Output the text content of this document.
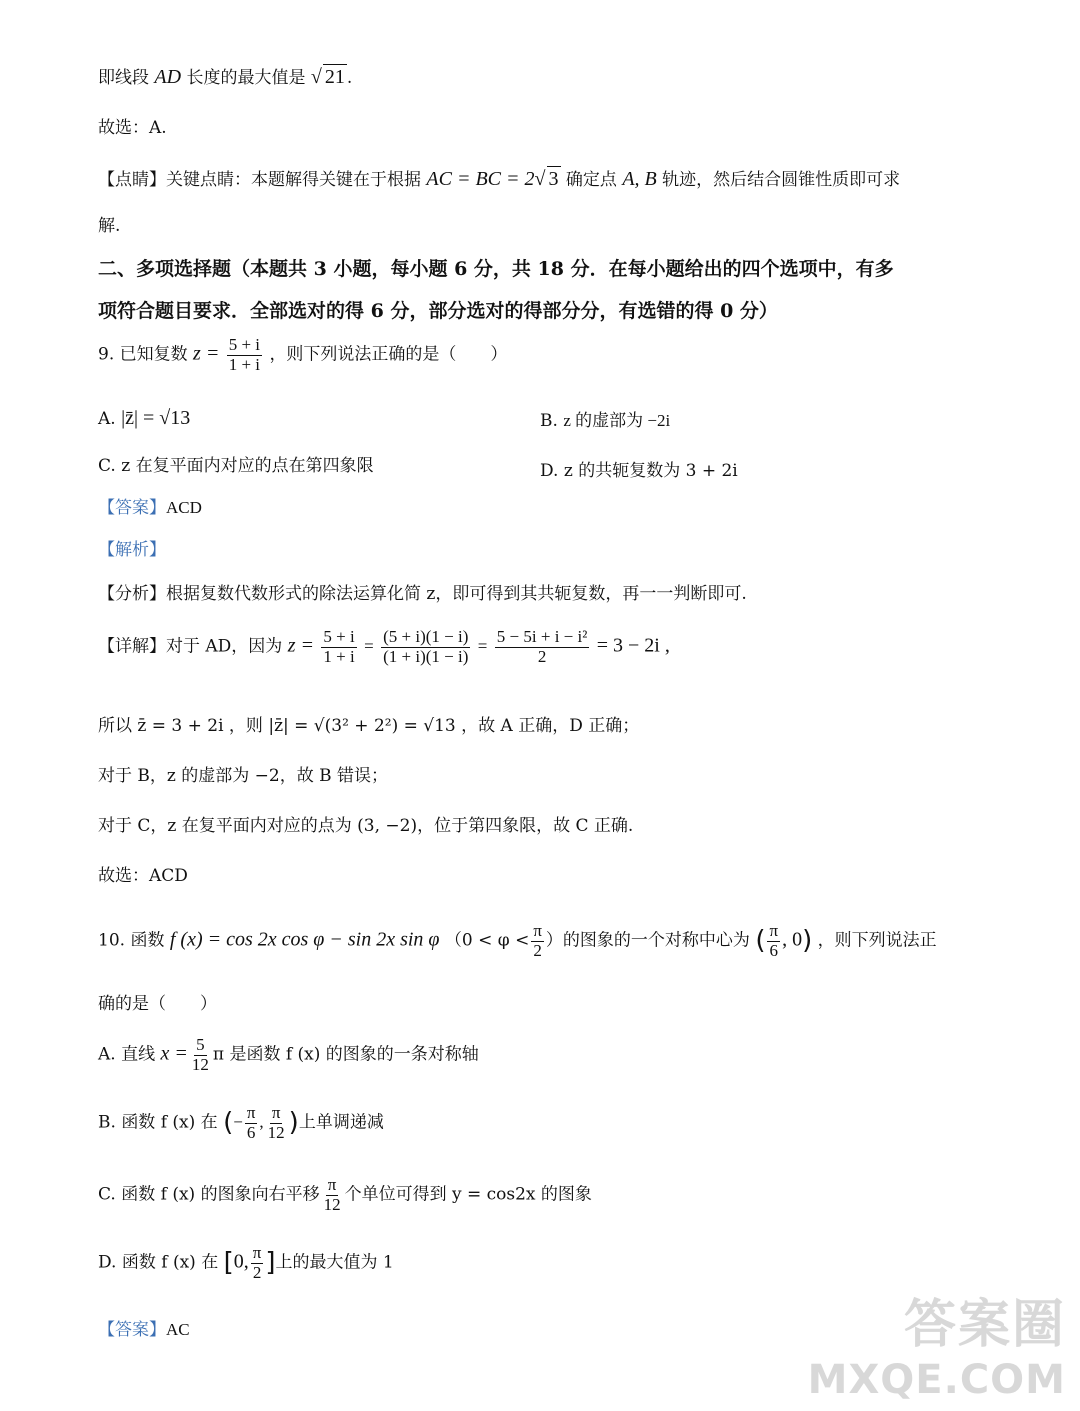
即线段 AD 长度的最大值是 √ 21 .
故选：A.
【点睛】关键点睛：本题解得关键在于根据 AC = BC = 2√ 3 确定点 A, B 轨迹，然后结合圆锥性质即可求
解.
二、多项选择题（本题共 3 小题，每小题 6 分，共 18 分．在每小题给出的四个选项中，有多
项符合题目要求．全部选对的得 6 分，部分选对的得部分分，有选错的得 0 分）
9. 已知复数 $z = \frac{5 + i}{1 + i}$ ，则下列说法正确的是（　　）
A. |z̄| = √13	B. z 的虚部为 −2i
C. z 在复平面内对应的点在第四象限	D. z 的共轭复数为 3 + 2i
【答案】ACD
【解析】
【分析】根据复数代数形式的除法运算化简 z，即可得到其共轭复数，再一一判断即可.
【详解】对于 AD，因为 $z = \frac{5 + i}{1 + i} = \frac{(5 + i)(1 - i)}{(1 + i)(1 - i)} = \frac{\text{5 − 5i + i − i²}}{2} = 3 - 2i$ ,
所以 z̄ = 3 + 2i ，则 |z̄| = √(3² + 2²) = √13 ，故 A 正确，D 正确；
对于 B，z 的虚部为 −2，故 B 错误；
对于 C，z 在复平面内对应的点为 (3, −2)，位于第四象限，故 C 正确.
故选：ACD
10. 函数 f (x) = cos 2x cos φ − sin 2x sin φ （$0 < \varphi < \frac{\pi}{2}$ ）的图象的一个对称中心为 ( $\frac{\pi}{6}$ , 0) ，则下列说法正
确的是（　　）
A. 直线 $x = \frac{5}{12}$ π 是函数 f (x) 的图象的一条对称轴
B. 函数 f (x) 在 (− $\frac{\pi}{6}$ , $\frac{\pi}{12}$ )上单调递减
C. 函数 f (x) 的图象向右平移 $\frac{\pi}{12}$ 个单位可得到 y = cos2x 的图象
D. 函数 f (x) 在 [0, $\frac{\pi}{2}$ ]上的最大值为 1
【答案】AC	答案圈
MXQE.COM
